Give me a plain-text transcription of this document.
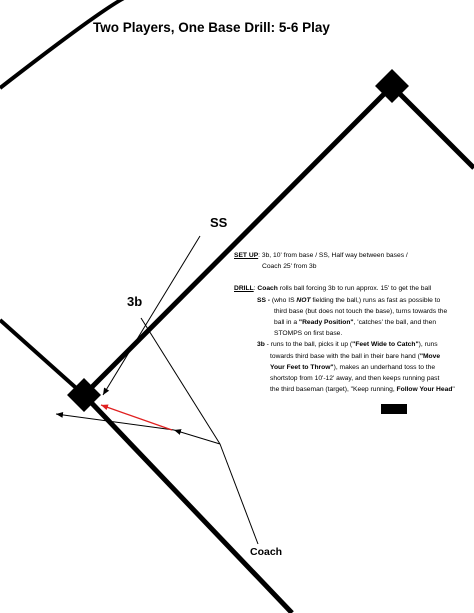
Two Players, One Base Drill: 5-6 Play
SS
3b
Coach

SET UP: 3b, 10' from base / SS, Half way between bases /

Coach 25' from 3b

DRILL: Coach rolls ball forcing 3b to run approx. 15' to get the ball

SS - (who IS NOT fielding the ball,) runs as fast as possible to

third base (but does not touch the base), turns towards the

ball in a "Ready Position", 'catches' the ball, and then

STOMPS on first base.

3b - runs to the ball, picks it up ("Feet Wide to Catch"), runs

towards third base with the ball in their bare hand ("Move

Your Feet to Throw"), makes an underhand toss to the

shortstop from 10'-12' away, and then keeps running past

the third baseman (target), "Keep running, Follow Your Head"
